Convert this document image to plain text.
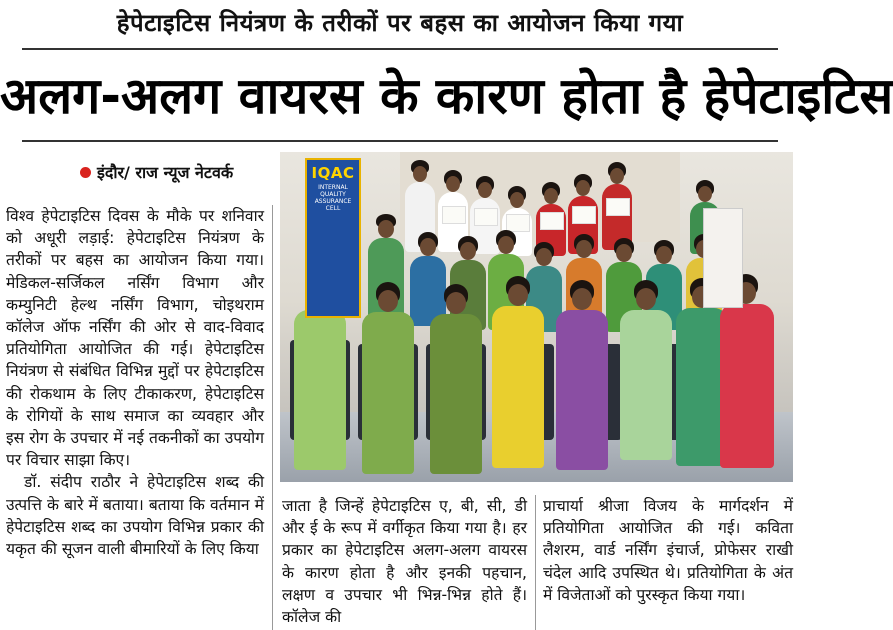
हेपेटाइटिस नियंत्रण के तरीकों पर बहस का आयोजन किया गया
अलग-अलग वायरस के कारण होता है हेपेटाइटिस
इंदौर/ राज न्यूज नेटवर्क

विश्व हेपेटाइटिस दिवस के मौके पर शनिवार को अधूरी लड़ाई: हेपेटाइटिस नियंत्रण के तरीकों पर बहस का आयोजन किया गया। मेडिकल-सर्जिकल नर्सिंग विभाग और कम्युनिटी हेल्थ नर्सिंग विभाग, चोइथराम कॉलेज ऑफ नर्सिंग की ओर से वाद-विवाद प्रतियोगिता आयोजित की गई। हेपेटाइटिस नियंत्रण से संबंधित विभिन्न मुद्दों पर हेपेटाइटिस की रोकथाम के लिए टीकाकरण, हेपेटाइटिस के रोगियों के साथ समाज का व्यवहार और इस रोग के उपचार में नई तकनीकों का उपयोग पर विचार साझा किए।

डॉ. संदीप राठौर ने हेपेटाइटिस शब्द की उत्पत्ति के बारे में बताया। बताया कि वर्तमान में हेपेटाइटिस शब्द का उपयोग विभिन्न प्रकार की यकृत की सूजन वाली बीमारियों के लिए किया

IQAC
INTERNAL QUALITY ASSURANCE CELL

जाता है जिन्हें हेपेटाइटिस ए, बी, सी, डी और ई के रूप में वर्गीकृत किया गया है। हर प्रकार का हेपेटाइटिस अलग-अलग वायरस के कारण होता है और इनकी पहचान, लक्षण व उपचार भी भिन्न-भिन्न होते हैं। कॉलेज की

प्राचार्या श्रीजा विजय के मार्गदर्शन में प्रतियोगिता आयोजित की गई। कविता लैशरम, वार्ड नर्सिंग इंचार्ज, प्रोफेसर राखी चंदेल आदि उपस्थित थे। प्रतियोगिता के अंत में विजेताओं को पुरस्कृत किया गया।
